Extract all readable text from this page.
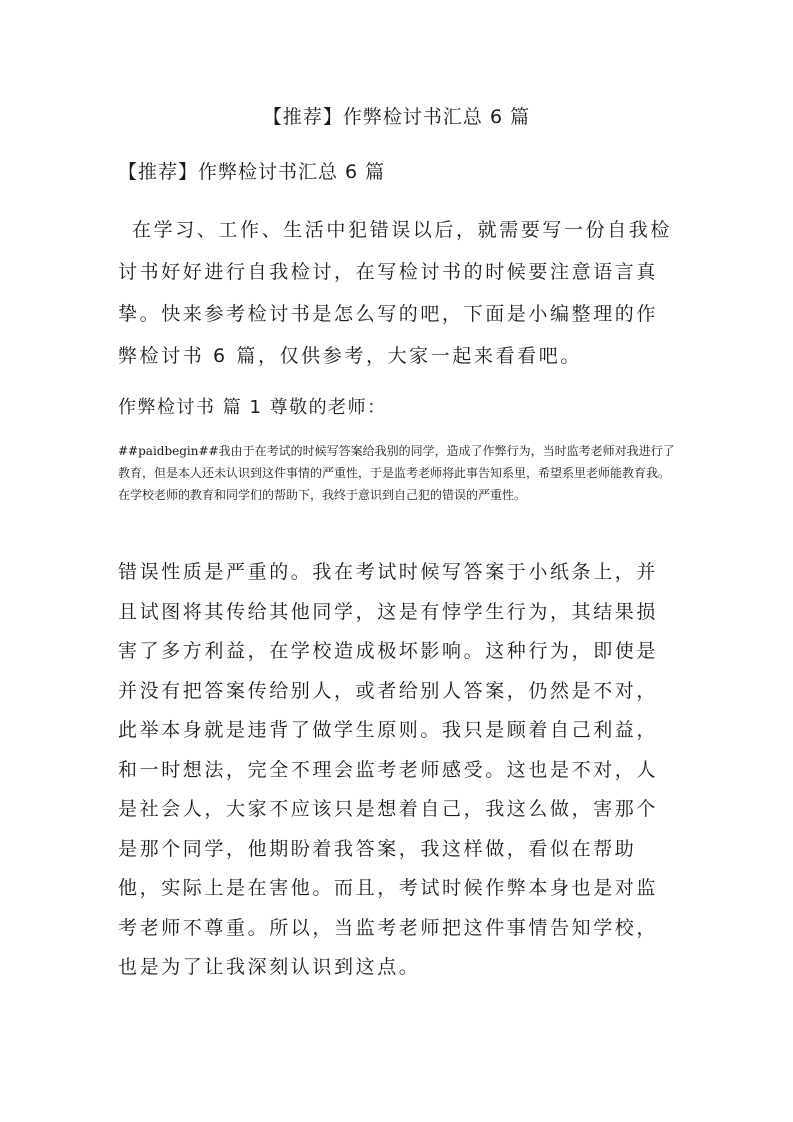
【推荐】作弊检讨书汇总 6 篇

【推荐】作弊检讨书汇总 6 篇

在学习、工作、生活中犯错误以后，就需要写一份自我检讨书好好进行自我检讨，在写检讨书的时候要注意语言真挚。快来参考检讨书是怎么写的吧，下面是小编整理的作弊检讨书 6 篇，仅供参考，大家一起来看看吧。

作弊检讨书 篇 1 尊敬的老师：

##paidbegin##我由于在考试的时候写答案给我别的同学，造成了作弊行为，当时监考老师对我进行了教育，但是本人还未认识到这件事情的严重性，于是监考老师将此事告知系里，希望系里老师能教育我。在学校老师的教育和同学们的帮助下，我终于意识到自己犯的错误的严重性。

错误性质是严重的。我在考试时候写答案于小纸条上，并且试图将其传给其他同学，这是有悖学生行为，其结果损害了多方利益，在学校造成极坏影响。这种行为，即使是并没有把答案传给别人，或者给别人答案，仍然是不对，此举本身就是违背了做学生原则。我只是顾着自己利益，和一时想法，完全不理会监考老师感受。这也是不对，人是社会人，大家不应该只是想着自己，我这么做，害那个是那个同学，他期盼着我答案，我这样做，看似在帮助他，实际上是在害他。而且，考试时候作弊本身也是对监考老师不尊重。所以，当监考老师把这件事情告知学校，也是为了让我深刻认识到这点。
